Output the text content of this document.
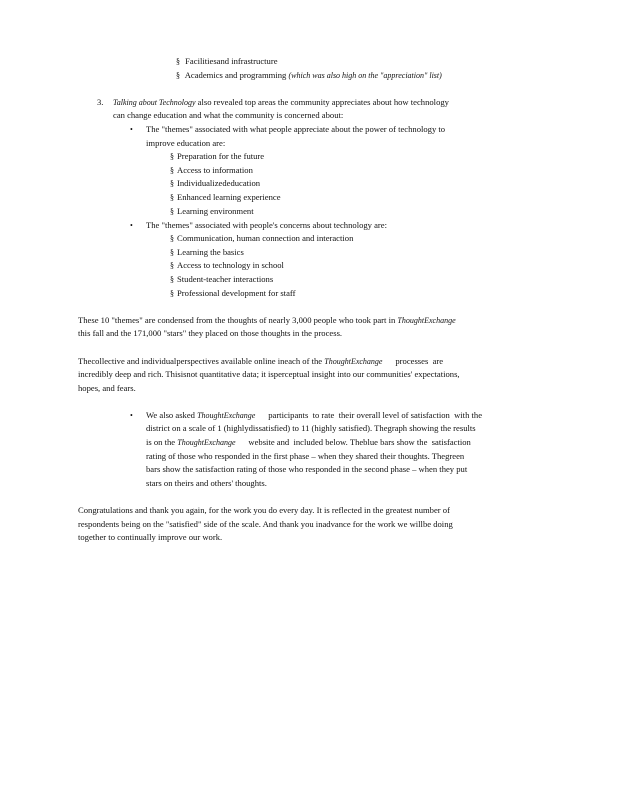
§ Facilitiesand infrastructure
§ Academics and programming (which was also high on the "appreciation" list)
3. Talking about Technology also revealed top areas the community appreciates about how technology
can change education and what the community is concerned about:
• The "themes" associated with what people appreciate about the power of technology to
improve education are:
§ Preparation for the future
§ Access to information
§ Individualizededucation
§ Enhanced learning experience
§ Learning environment
• The "themes" associated with people's concerns about technology are:
§ Communication, human connection and interaction
§ Learning the basics
§ Access to technology in school
§ Student-teacher interactions
§ Professional development for staff
These 10 "themes" are condensed from the thoughts of nearly 3,000 people who took part in ThoughtExchange
this fall and the 171,000 "stars" they placed on those thoughts in the process.
Thecollective and individualperspectives available online ineach of the ThoughtExchange      processes  are
incredibly deep and rich. Thisisnot quantitative data; it isperceptual insight into our communities' expectations,
hopes, and fears.
• We also asked ThoughtExchange      participants  to rate  their overall level of satisfaction  with the
district on a scale of 1 (highlydissatisfied) to 11 (highly satisfied). Thegraph showing the results
is on the ThoughtExchange      website and  included below. Theblue bars show the  satisfaction
rating of those who responded in the first phase – when they shared their thoughts. Thegreen
bars show the satisfaction rating of those who responded in the second phase – when they put
stars on theirs and others' thoughts.
Congratulations and thank you again, for the work you do every day. It is reflected in the greatest number of
respondents being on the "satisfied" side of the scale. And thank you inadvance for the work we willbe doing
together to continually improve our work.
